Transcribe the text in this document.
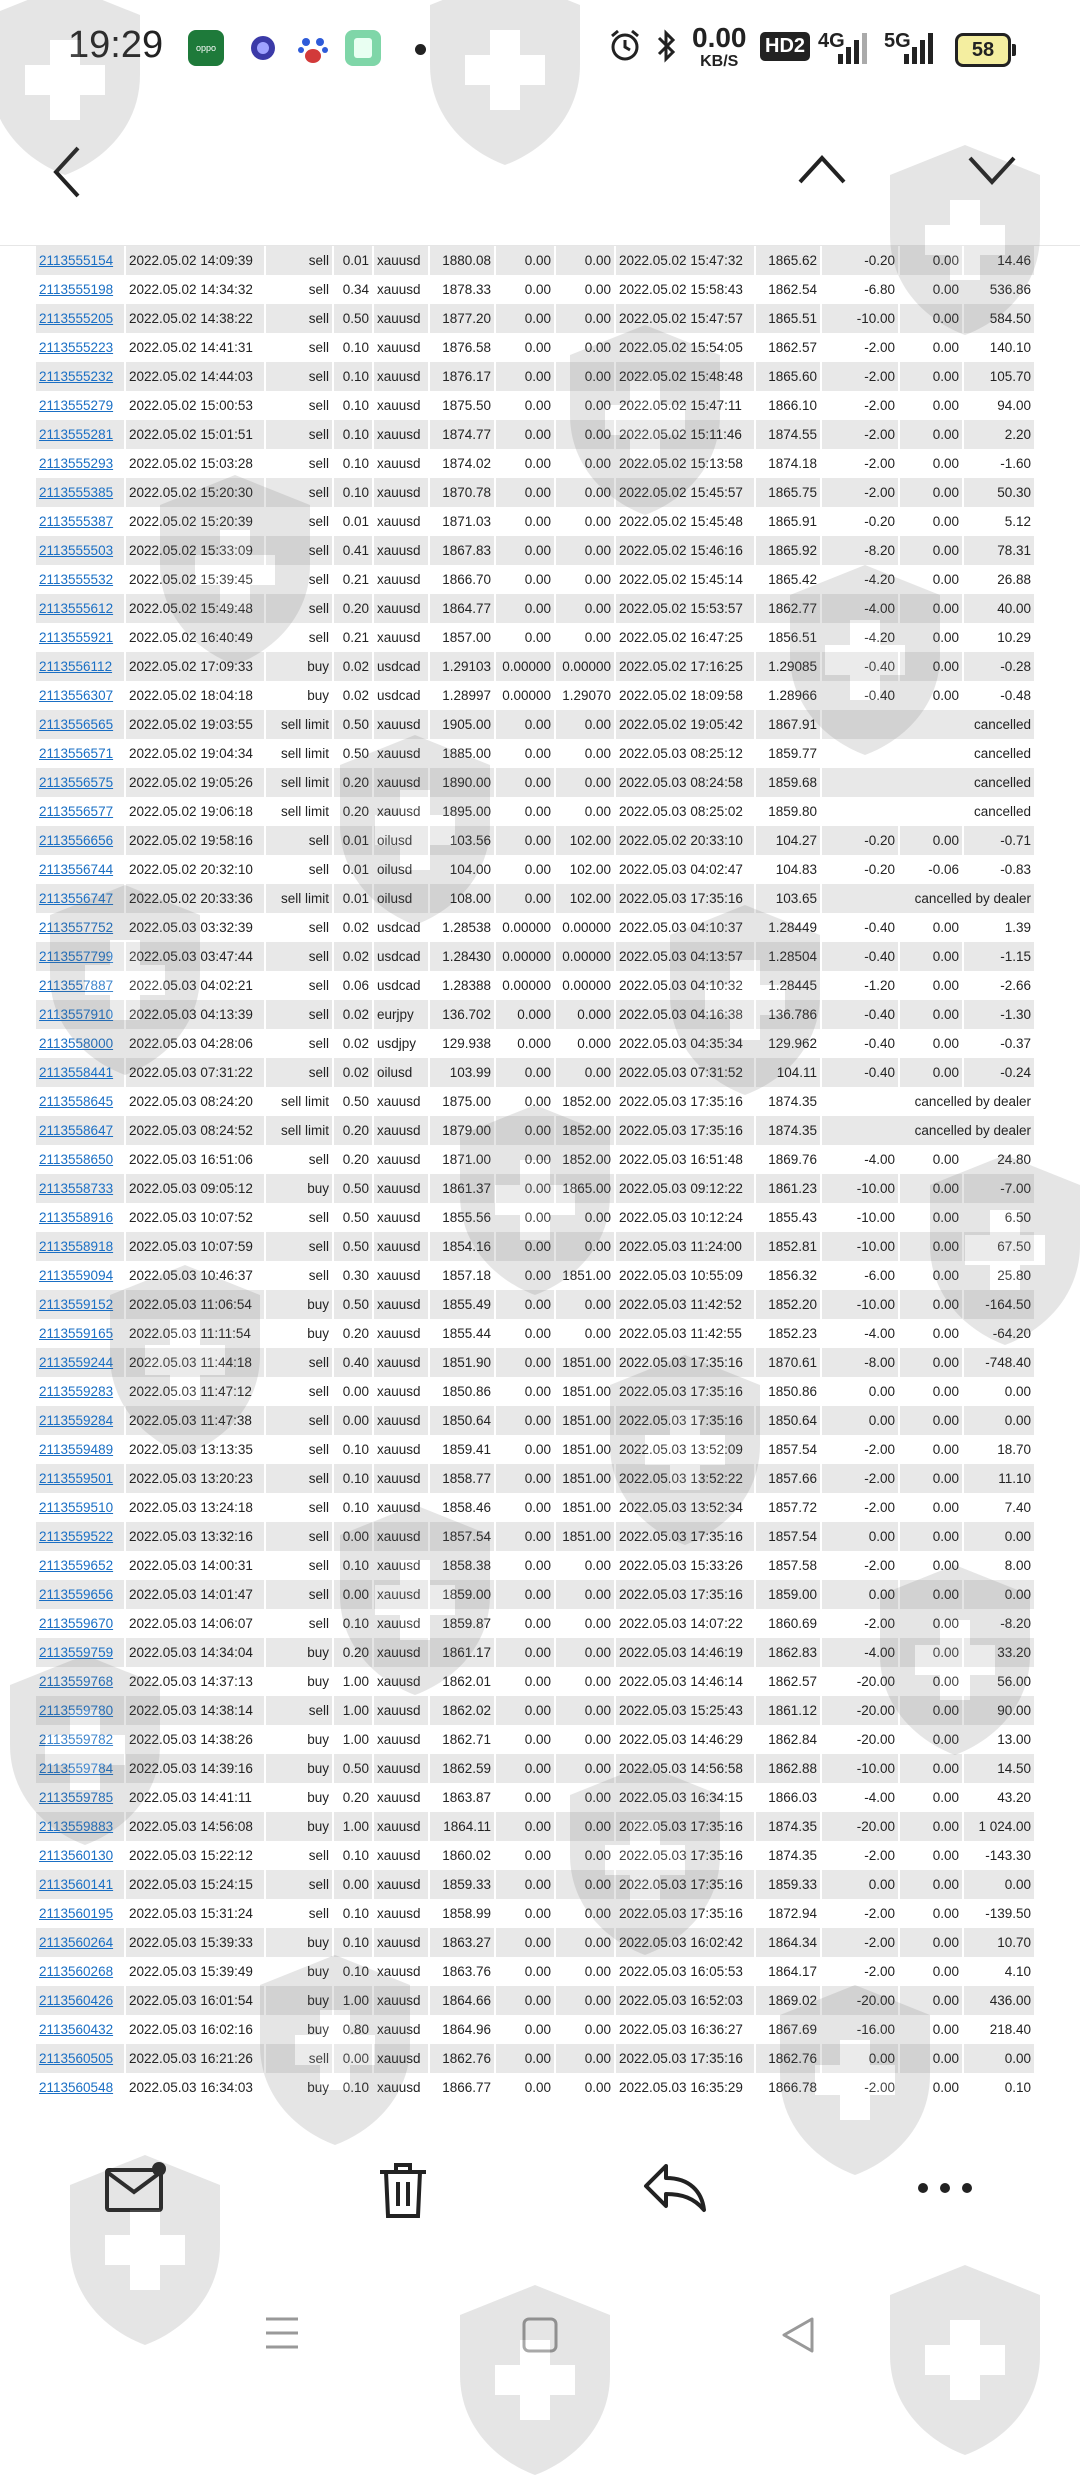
19:29	oppo	0.00
KB/S
HD2 4G 5G	58
2113555154	2022.05.02 14:09:39	sell	0.01	xauusd	1880.08	0.00	0.00	2022.05.02 15:47:32	1865.62	-0.20	0.00	14.46
2113555198	2022.05.02 14:34:32	sell	0.34	xauusd	1878.33	0.00	0.00	2022.05.02 15:58:43	1862.54	-6.80	0.00	536.86
2113555205	2022.05.02 14:38:22	sell	0.50	xauusd	1877.20	0.00	0.00	2022.05.02 15:47:57	1865.51	-10.00	0.00	584.50
2113555223	2022.05.02 14:41:31	sell	0.10	xauusd	1876.58	0.00	0.00	2022.05.02 15:54:05	1862.57	-2.00	0.00	140.10
2113555232	2022.05.02 14:44:03	sell	0.10	xauusd	1876.17	0.00	0.00	2022.05.02 15:48:48	1865.60	-2.00	0.00	105.70
2113555279	2022.05.02 15:00:53	sell	0.10	xauusd	1875.50	0.00	0.00	2022.05.02 15:47:11	1866.10	-2.00	0.00	94.00
2113555281	2022.05.02 15:01:51	sell	0.10	xauusd	1874.77	0.00	0.00	2022.05.02 15:11:46	1874.55	-2.00	0.00	2.20
2113555293	2022.05.02 15:03:28	sell	0.10	xauusd	1874.02	0.00	0.00	2022.05.02 15:13:58	1874.18	-2.00	0.00	-1.60
2113555385	2022.05.02 15:20:30	sell	0.10	xauusd	1870.78	0.00	0.00	2022.05.02 15:45:57	1865.75	-2.00	0.00	50.30
2113555387	2022.05.02 15:20:39	sell	0.01	xauusd	1871.03	0.00	0.00	2022.05.02 15:45:48	1865.91	-0.20	0.00	5.12
2113555503	2022.05.02 15:33:09	sell	0.41	xauusd	1867.83	0.00	0.00	2022.05.02 15:46:16	1865.92	-8.20	0.00	78.31
2113555532	2022.05.02 15:39:45	sell	0.21	xauusd	1866.70	0.00	0.00	2022.05.02 15:45:14	1865.42	-4.20	0.00	26.88
2113555612	2022.05.02 15:49:48	sell	0.20	xauusd	1864.77	0.00	0.00	2022.05.02 15:53:57	1862.77	-4.00	0.00	40.00
2113555921	2022.05.02 16:40:49	sell	0.21	xauusd	1857.00	0.00	0.00	2022.05.02 16:47:25	1856.51	-4.20	0.00	10.29
2113556112	2022.05.02 17:09:33	buy	0.02	usdcad	1.29103	0.00000	0.00000	2022.05.02 17:16:25	1.29085	-0.40	0.00	-0.28
2113556307	2022.05.02 18:04:18	buy	0.02	usdcad	1.28997	0.00000	1.29070	2022.05.02 18:09:58	1.28966	-0.40	0.00	-0.48
2113556565	2022.05.02 19:03:55	sell limit	0.50	xauusd	1905.00	0.00	0.00	2022.05.02 19:05:42	1867.91	cancelled		
2113556571	2022.05.02 19:04:34	sell limit	0.50	xauusd	1885.00	0.00	0.00	2022.05.03 08:25:12	1859.77	cancelled		
2113556575	2022.05.02 19:05:26	sell limit	0.20	xauusd	1890.00	0.00	0.00	2022.05.03 08:24:58	1859.68	cancelled		
2113556577	2022.05.02 19:06:18	sell limit	0.20	xauusd	1895.00	0.00	0.00	2022.05.03 08:25:02	1859.80	cancelled		
2113556656	2022.05.02 19:58:16	sell	0.01	oilusd	103.56	0.00	102.00	2022.05.02 20:33:10	104.27	-0.20	0.00	-0.71
2113556744	2022.05.02 20:32:10	sell	0.01	oilusd	104.00	0.00	102.00	2022.05.03 04:02:47	104.83	-0.20	-0.06	-0.83
2113556747	2022.05.02 20:33:36	sell limit	0.01	oilusd	108.00	0.00	102.00	2022.05.03 17:35:16	103.65	cancelled by dealer		
2113557752	2022.05.03 03:32:39	sell	0.02	usdcad	1.28538	0.00000	0.00000	2022.05.03 04:10:37	1.28449	-0.40	0.00	1.39
2113557799	2022.05.03 03:47:44	sell	0.02	usdcad	1.28430	0.00000	0.00000	2022.05.03 04:13:57	1.28504	-0.40	0.00	-1.15
2113557887	2022.05.03 04:02:21	sell	0.06	usdcad	1.28388	0.00000	0.00000	2022.05.03 04:10:32	1.28445	-1.20	0.00	-2.66
2113557910	2022.05.03 04:13:39	sell	0.02	eurjpy	136.702	0.000	0.000	2022.05.03 04:16:38	136.786	-0.40	0.00	-1.30
2113558000	2022.05.03 04:28:06	sell	0.02	usdjpy	129.938	0.000	0.000	2022.05.03 04:35:34	129.962	-0.40	0.00	-0.37
2113558441	2022.05.03 07:31:22	sell	0.02	oilusd	103.99	0.00	0.00	2022.05.03 07:31:52	104.11	-0.40	0.00	-0.24
2113558645	2022.05.03 08:24:20	sell limit	0.50	xauusd	1875.00	0.00	1852.00	2022.05.03 17:35:16	1874.35	cancelled by dealer		
2113558647	2022.05.03 08:24:52	sell limit	0.20	xauusd	1879.00	0.00	1852.00	2022.05.03 17:35:16	1874.35	cancelled by dealer		
2113558650	2022.05.03 16:51:06	sell	0.20	xauusd	1871.00	0.00	1852.00	2022.05.03 16:51:48	1869.76	-4.00	0.00	24.80
2113558733	2022.05.03 09:05:12	buy	0.50	xauusd	1861.37	0.00	1865.00	2022.05.03 09:12:22	1861.23	-10.00	0.00	-7.00
2113558916	2022.05.03 10:07:52	sell	0.50	xauusd	1855.56	0.00	0.00	2022.05.03 10:12:24	1855.43	-10.00	0.00	6.50
2113558918	2022.05.03 10:07:59	sell	0.50	xauusd	1854.16	0.00	0.00	2022.05.03 11:24:00	1852.81	-10.00	0.00	67.50
2113559094	2022.05.03 10:46:37	sell	0.30	xauusd	1857.18	0.00	1851.00	2022.05.03 10:55:09	1856.32	-6.00	0.00	25.80
2113559152	2022.05.03 11:06:54	buy	0.50	xauusd	1855.49	0.00	0.00	2022.05.03 11:42:52	1852.20	-10.00	0.00	-164.50
2113559165	2022.05.03 11:11:54	buy	0.20	xauusd	1855.44	0.00	0.00	2022.05.03 11:42:55	1852.23	-4.00	0.00	-64.20
2113559244	2022.05.03 11:44:18	sell	0.40	xauusd	1851.90	0.00	1851.00	2022.05.03 17:35:16	1870.61	-8.00	0.00	-748.40
2113559283	2022.05.03 11:47:12	sell	0.00	xauusd	1850.86	0.00	1851.00	2022.05.03 17:35:16	1850.86	0.00	0.00	0.00
2113559284	2022.05.03 11:47:38	sell	0.00	xauusd	1850.64	0.00	1851.00	2022.05.03 17:35:16	1850.64	0.00	0.00	0.00
2113559489	2022.05.03 13:13:35	sell	0.10	xauusd	1859.41	0.00	1851.00	2022.05.03 13:52:09	1857.54	-2.00	0.00	18.70
2113559501	2022.05.03 13:20:23	sell	0.10	xauusd	1858.77	0.00	1851.00	2022.05.03 13:52:22	1857.66	-2.00	0.00	11.10
2113559510	2022.05.03 13:24:18	sell	0.10	xauusd	1858.46	0.00	1851.00	2022.05.03 13:52:34	1857.72	-2.00	0.00	7.40
2113559522	2022.05.03 13:32:16	sell	0.00	xauusd	1857.54	0.00	1851.00	2022.05.03 17:35:16	1857.54	0.00	0.00	0.00
2113559652	2022.05.03 14:00:31	sell	0.10	xauusd	1858.38	0.00	0.00	2022.05.03 15:33:26	1857.58	-2.00	0.00	8.00
2113559656	2022.05.03 14:01:47	sell	0.00	xauusd	1859.00	0.00	0.00	2022.05.03 17:35:16	1859.00	0.00	0.00	0.00
2113559670	2022.05.03 14:06:07	sell	0.10	xauusd	1859.87	0.00	0.00	2022.05.03 14:07:22	1860.69	-2.00	0.00	-8.20
2113559759	2022.05.03 14:34:04	buy	0.20	xauusd	1861.17	0.00	0.00	2022.05.03 14:46:19	1862.83	-4.00	0.00	33.20
2113559768	2022.05.03 14:37:13	buy	1.00	xauusd	1862.01	0.00	0.00	2022.05.03 14:46:14	1862.57	-20.00	0.00	56.00
2113559780	2022.05.03 14:38:14	sell	1.00	xauusd	1862.02	0.00	0.00	2022.05.03 15:25:43	1861.12	-20.00	0.00	90.00
2113559782	2022.05.03 14:38:26	buy	1.00	xauusd	1862.71	0.00	0.00	2022.05.03 14:46:29	1862.84	-20.00	0.00	13.00
2113559784	2022.05.03 14:39:16	buy	0.50	xauusd	1862.59	0.00	0.00	2022.05.03 14:56:58	1862.88	-10.00	0.00	14.50
2113559785	2022.05.03 14:41:11	buy	0.20	xauusd	1863.87	0.00	0.00	2022.05.03 16:34:15	1866.03	-4.00	0.00	43.20
2113559883	2022.05.03 14:56:08	buy	1.00	xauusd	1864.11	0.00	0.00	2022.05.03 17:35:16	1874.35	-20.00	0.00	1 024.00
2113560130	2022.05.03 15:22:12	sell	0.10	xauusd	1860.02	0.00	0.00	2022.05.03 17:35:16	1874.35	-2.00	0.00	-143.30
2113560141	2022.05.03 15:24:15	sell	0.00	xauusd	1859.33	0.00	0.00	2022.05.03 17:35:16	1859.33	0.00	0.00	0.00
2113560195	2022.05.03 15:31:24	sell	0.10	xauusd	1858.99	0.00	0.00	2022.05.03 17:35:16	1872.94	-2.00	0.00	-139.50
2113560264	2022.05.03 15:39:33	buy	0.10	xauusd	1863.27	0.00	0.00	2022.05.03 16:02:42	1864.34	-2.00	0.00	10.70
2113560268	2022.05.03 15:39:49	buy	0.10	xauusd	1863.76	0.00	0.00	2022.05.03 16:05:53	1864.17	-2.00	0.00	4.10
2113560426	2022.05.03 16:01:54	buy	1.00	xauusd	1864.66	0.00	0.00	2022.05.03 16:52:03	1869.02	-20.00	0.00	436.00
2113560432	2022.05.03 16:02:16	buy	0.80	xauusd	1864.96	0.00	0.00	2022.05.03 16:36:27	1867.69	-16.00	0.00	218.40
2113560505	2022.05.03 16:21:26	sell	0.00	xauusd	1862.76	0.00	0.00	2022.05.03 17:35:16	1862.76	0.00	0.00	0.00
2113560548	2022.05.03 16:34:03	buy	0.10	xauusd	1866.77	0.00	0.00	2022.05.03 16:35:29	1866.78	-2.00	0.00	0.10
